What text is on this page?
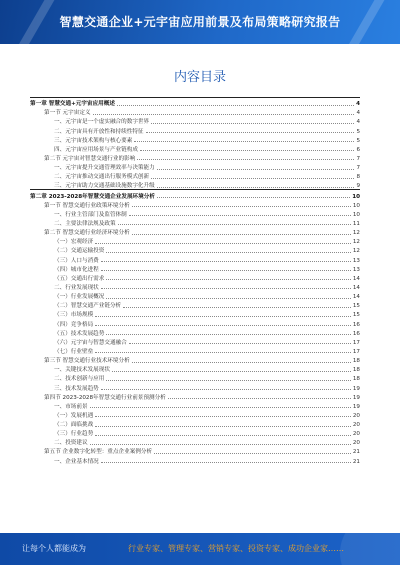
智慧交通企业+元宇宙应用前景及布局策略研究报告
内容目录
第一章 智慧交通+元宇宙应用概述	4
第一节 元宇宙定义	4
一、元宇宙是一个虚实融合的数字世界	4
二、元宇宙具有开放性和持续性特征	5
三、元宇宙技术架构与核心要素	5
四、元宇宙应用场景与产业链构成	6
第二节 元宇宙对智慧交通行业的影响	7
一、元宇宙提升交通管理效率与决策能力	7
二、元宇宙推动交通出行服务模式创新	8
三、元宇宙助力交通基础设施数字化升级	9
第二章 2023-2028年智慧交通企业发展环境分析	10
第一节 智慧交通行业政策环境分析	10
一、行业主管部门及监管体制	10
二、主要法律法规及政策	11
第二节 智慧交通行业经济环境分析	12
（一）宏观经济	12
（二）交通运输投资	12
（三）人口与消费	13
（四）城市化进程	13
（五）交通出行需求	14
二、行业发展现状	14
（一）行业发展概况	14
（二）智慧交通产业链分析	15
（三）市场规模	15
（四）竞争格局	16
（五）技术发展趋势	16
（六）元宇宙与智慧交通融合	17
（七）行业壁垒	17
第三节 智慧交通行业技术环境分析	18
一、关键技术发展现状	18
二、技术创新与应用	18
三、技术发展趋势	19
第四节 2023-2028年智慧交通行业前景预测分析	19
一、市场前景	19
（一）发展机遇	20
（二）面临挑战	20
（三）行业趋势	20
二、投资建议	20
第五节 企业数字化转型：重点企业案例分析	21
一、企业基本情况	21
让每个人都能成为	行业专家、管理专家、营销专家、投资专家、成功企业家……
